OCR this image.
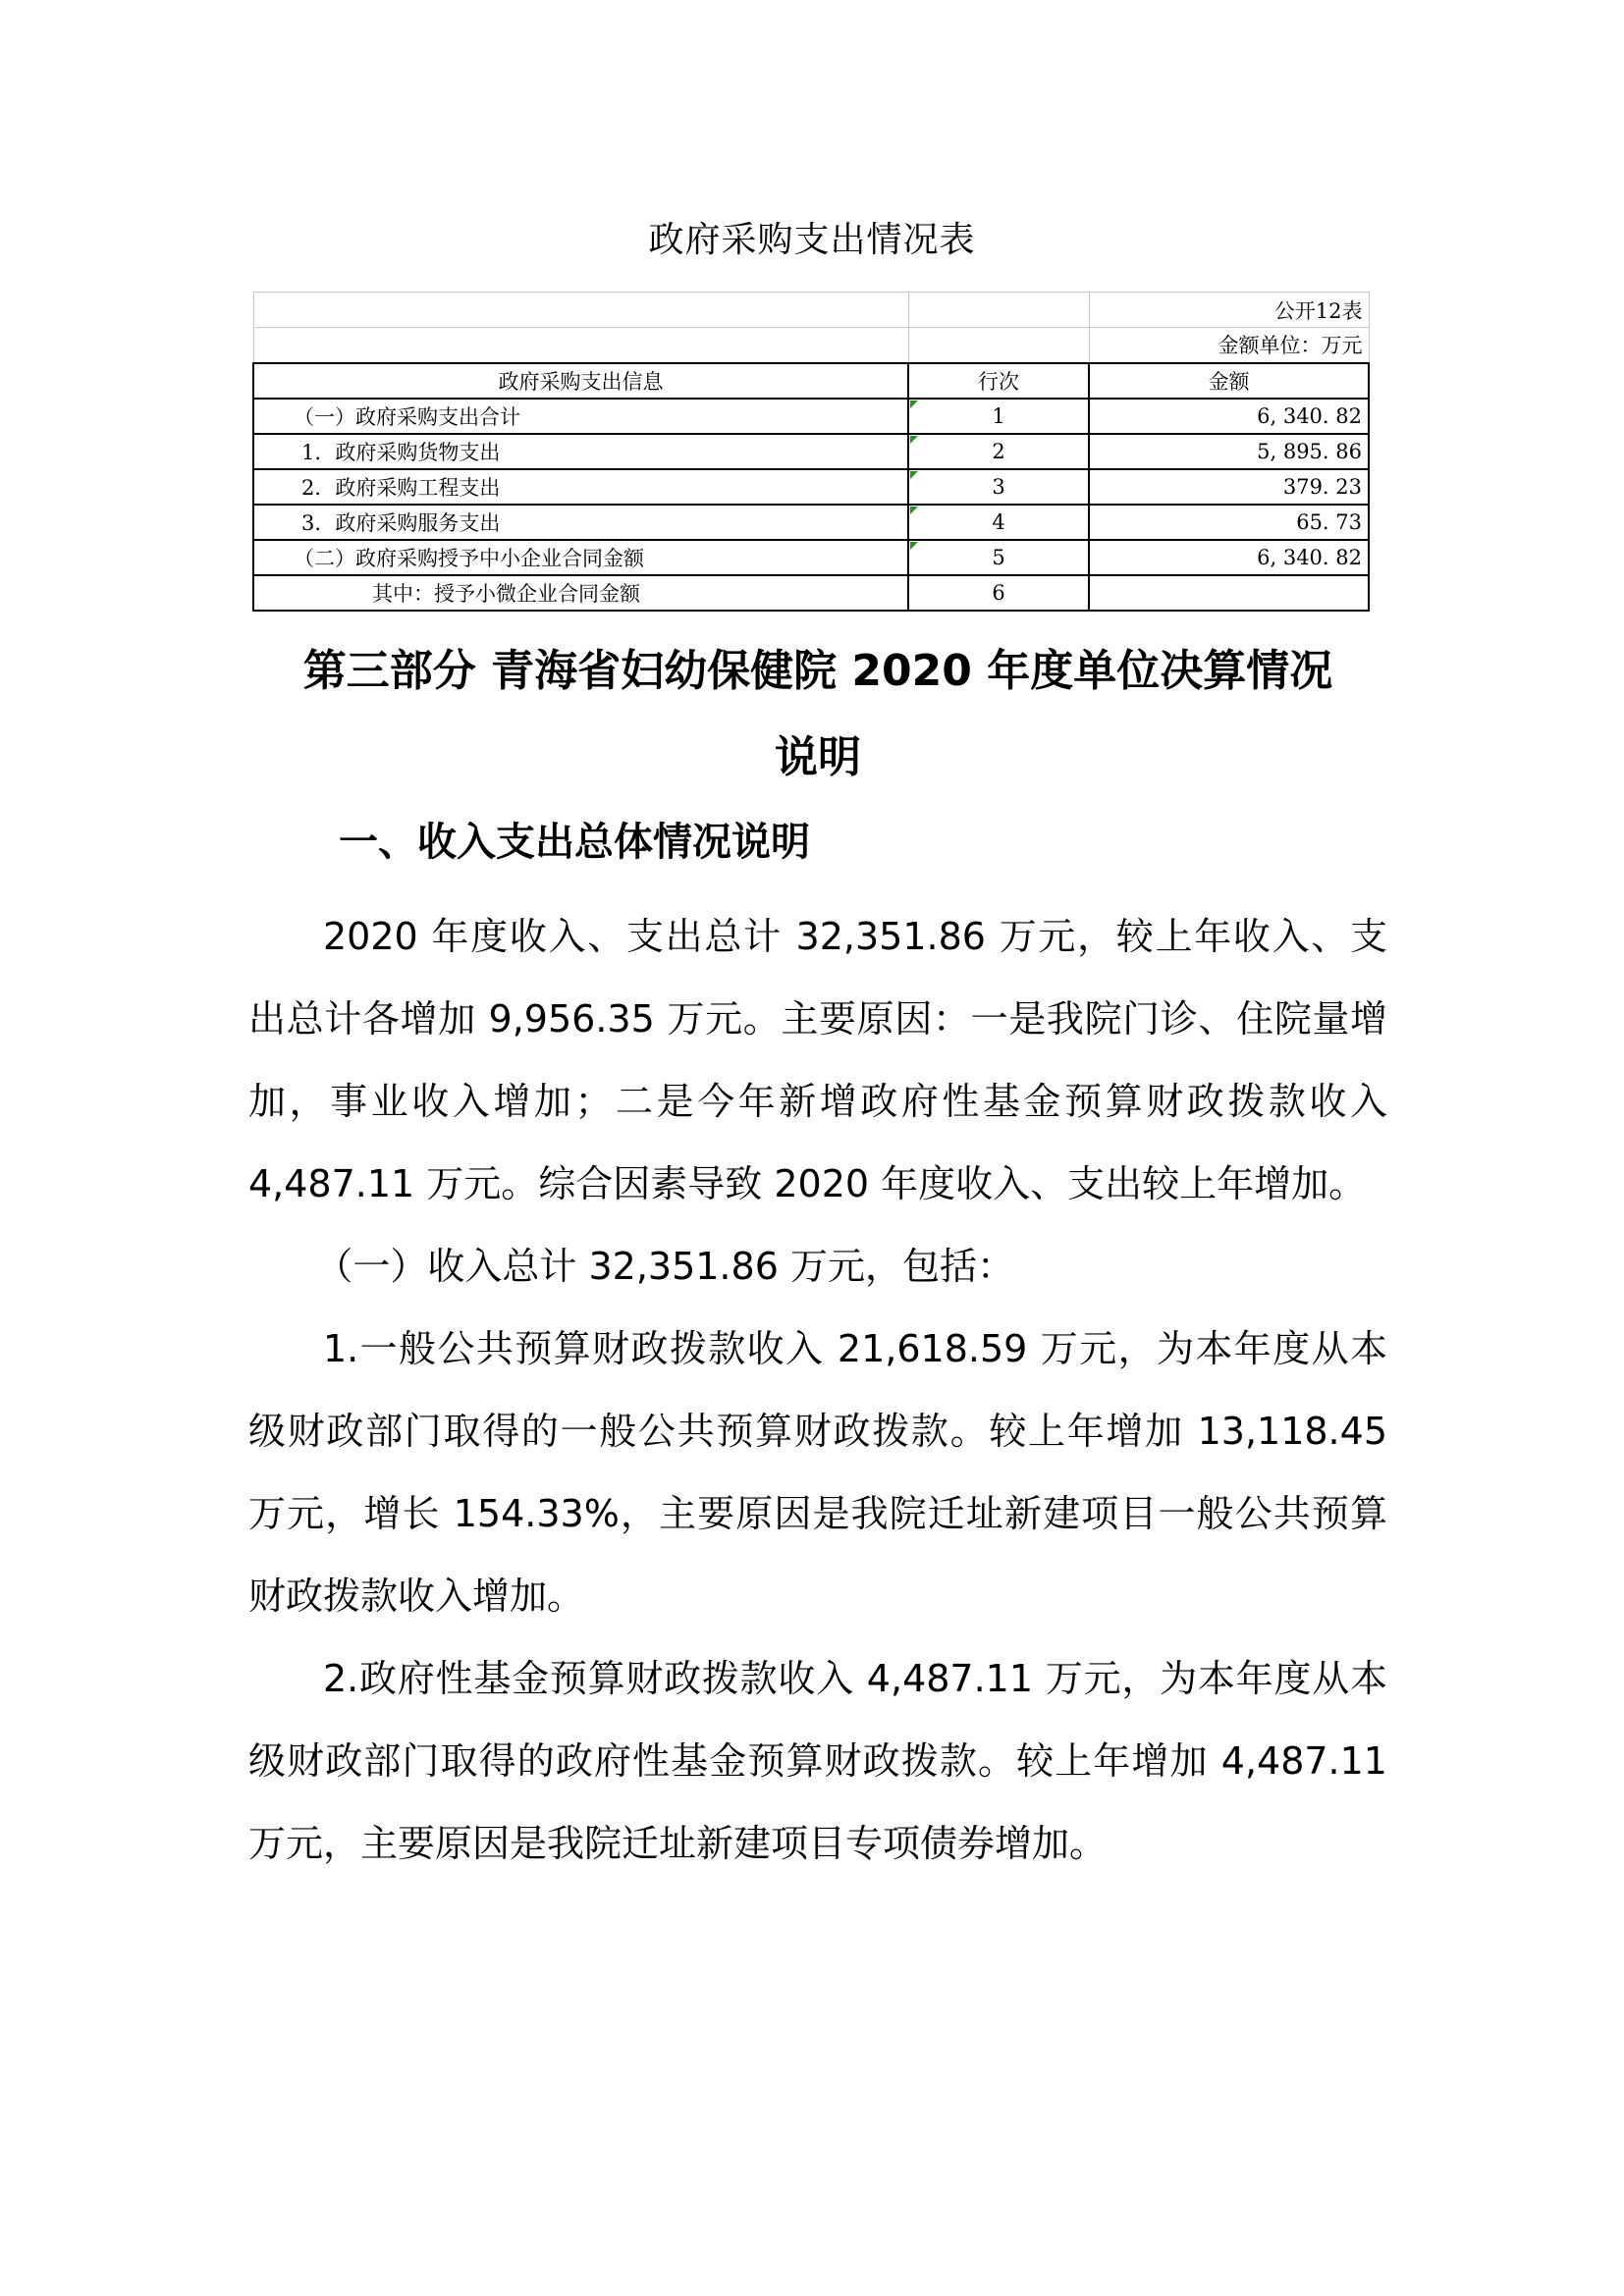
政府采购支出情况表
		公开12表
		金额单位：万元
政府采购支出信息	行次	金额
（一）政府采购支出合计	1	6, 340. 82
1．政府采购货物支出	2	5, 895. 86
2．政府采购工程支出	3	379. 23
3．政府采购服务支出	4	65. 73
（二）政府采购授予中小企业合同金额	5	6, 340. 82
其中：授予小微企业合同金额	6	
第三部分 青海省妇幼保健院 2020 年度单位决算情况
说明
一、收入支出总体情况说明

2020 年度收入、支出总计 32,351.86 万元，较上年收入、支出总计各增加 9,956.35 万元。主要原因：一是我院门诊、住院量增加，事业收入增加；二是今年新增政府性基金预算财政拨款收入 4,487.11 万元。综合因素导致 2020 年度收入、支出较上年增加。

（一）收入总计 32,351.86 万元，包括：

1.一般公共预算财政拨款收入 21,618.59 万元，为本年度从本级财政部门取得的一般公共预算财政拨款。较上年增加 13,118.45 万元，增长 154.33%，主要原因是我院迁址新建项目一般公共预算财政拨款收入增加。

2.政府性基金预算财政拨款收入 4,487.11 万元，为本年度从本级财政部门取得的政府性基金预算财政拨款。较上年增加 4,487.11 万元，主要原因是我院迁址新建项目专项债券增加。
